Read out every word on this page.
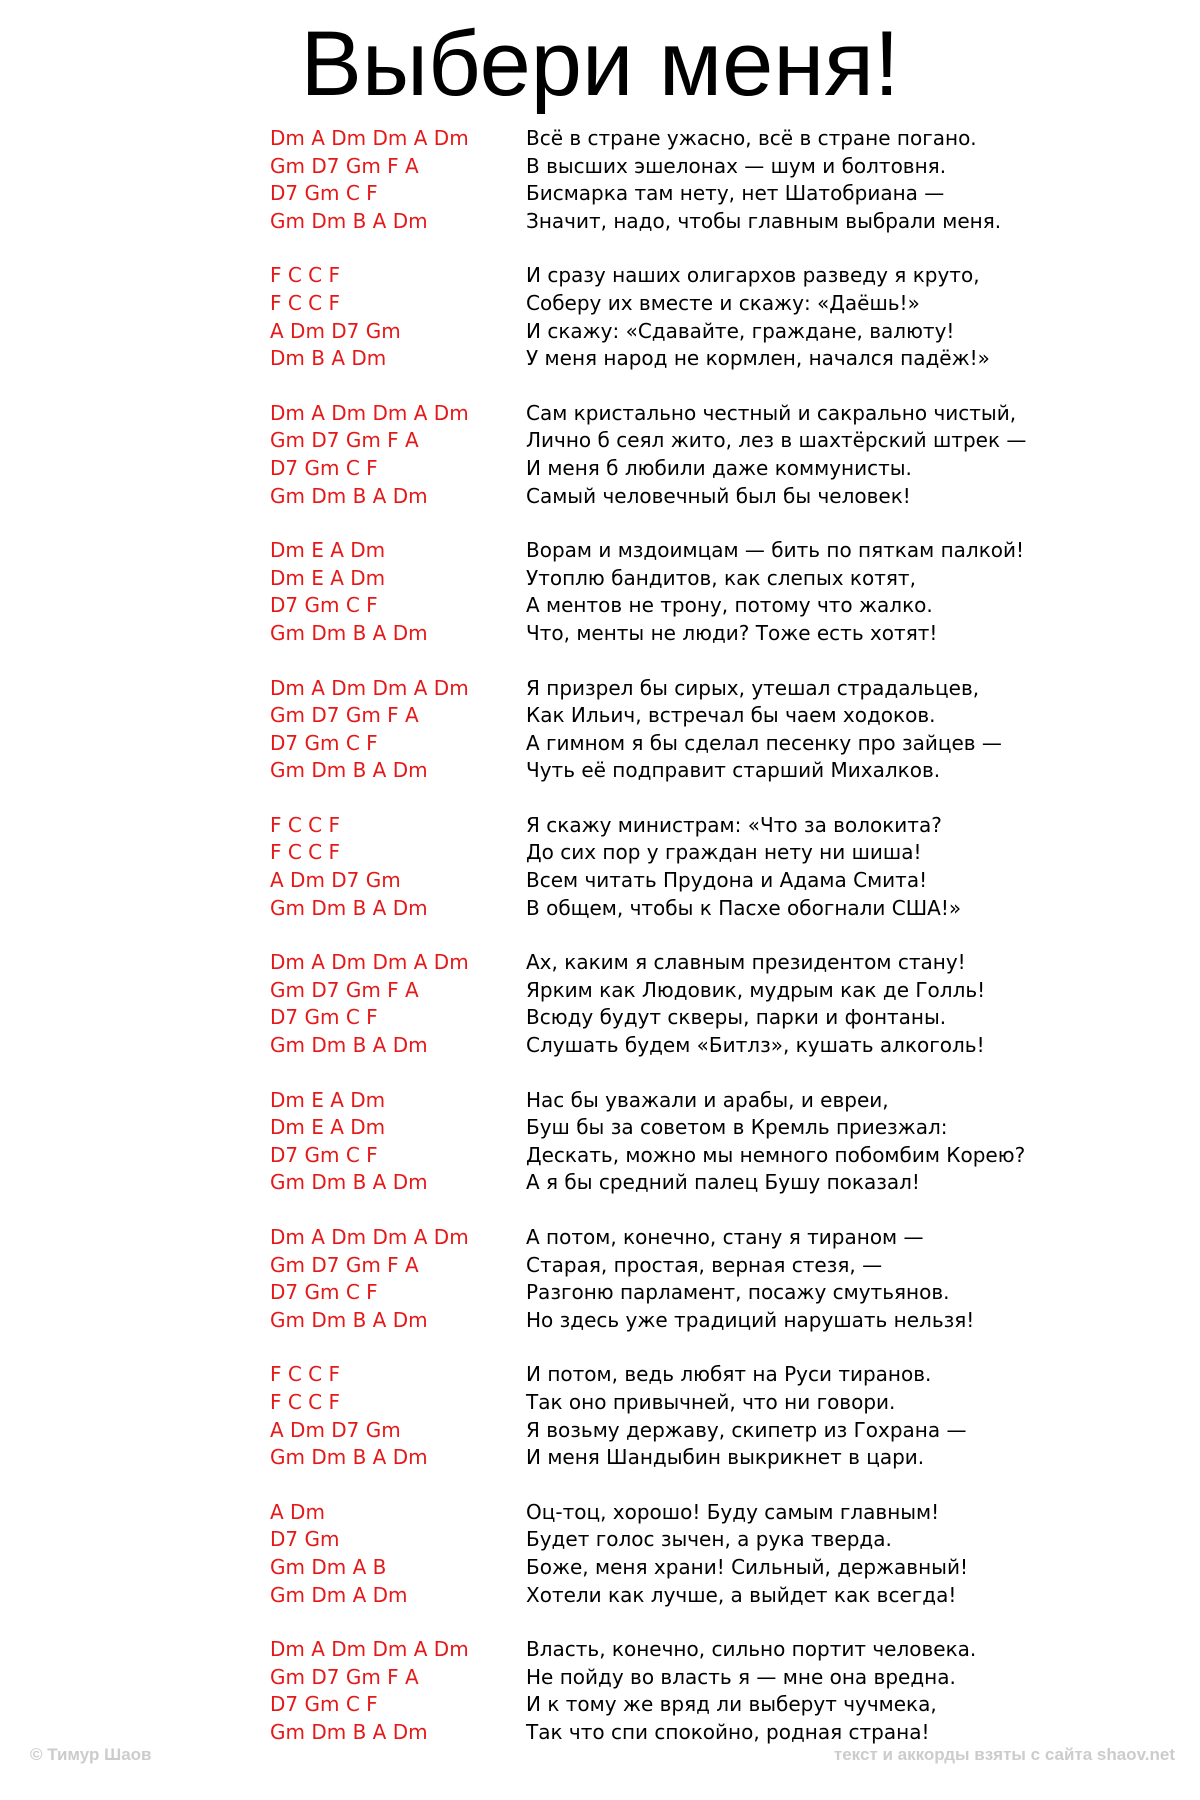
Выбери меня!
Dm A Dm Dm A Dm	Всё в стране ужасно, всё в стране погано.
Gm D7 Gm F A	В высших эшелонах — шум и болтовня.
D7 Gm C F	Бисмарка там нету, нет Шатобриана —
Gm Dm B A Dm	Значит, надо, чтобы главным выбрали меня.
F C C F	И сразу наших олигархов разведу я круто,
F C C F	Соберу их вместе и скажу: «Даёшь!»
A Dm D7 Gm	И скажу: «Сдавайте, граждане, валюту!
Dm B A Dm	У меня народ не кормлен, начался падёж!»
Dm A Dm Dm A Dm	Сам кристально честный и сакрально чистый,
Gm D7 Gm F A	Лично б сеял жито, лез в шахтёрский штрек —
D7 Gm C F	И меня б любили даже коммунисты.
Gm Dm B A Dm	Самый человечный был бы человек!
Dm E A Dm	Ворам и мздоимцам — бить по пяткам палкой!
Dm E A Dm	Утоплю бандитов, как слепых котят,
D7 Gm C F	А ментов не трону, потому что жалко.
Gm Dm B A Dm	Что, менты не люди? Тоже есть хотят!
Dm A Dm Dm A Dm	Я призрел бы сирых, утешал страдальцев,
Gm D7 Gm F A	Как Ильич, встречал бы чаем ходоков.
D7 Gm C F	А гимном я бы сделал песенку про зайцев —
Gm Dm B A Dm	Чуть её подправит старший Михалков.
F C C F	Я скажу министрам: «Что за волокита?
F C C F	До сих пор у граждан нету ни шиша!
A Dm D7 Gm	Всем читать Прудона и Адама Смита!
Gm Dm B A Dm	В общем, чтобы к Пасхе обогнали США!»
Dm A Dm Dm A Dm	Ах, каким я славным президентом стану!
Gm D7 Gm F A	Ярким как Людовик, мудрым как де Голль!
D7 Gm C F	Всюду будут скверы, парки и фонтаны.
Gm Dm B A Dm	Слушать будем «Битлз», кушать алкоголь!
Dm E A Dm	Нас бы уважали и арабы, и евреи,
Dm E A Dm	Буш бы за советом в Кремль приезжал:
D7 Gm C F	Дескать, можно мы немного побомбим Корею?
Gm Dm B A Dm	А я бы средний палец Бушу показал!
Dm A Dm Dm A Dm	А потом, конечно, стану я тираном —
Gm D7 Gm F A	Старая, простая, верная стезя, —
D7 Gm C F	Разгоню парламент, посажу смутьянов.
Gm Dm B A Dm	Но здесь уже традиций нарушать нельзя!
F C C F	И потом, ведь любят на Руси тиранов.
F C C F	Так оно привычней, что ни говори.
A Dm D7 Gm	Я возьму державу, скипетр из Гохрана —
Gm Dm B A Dm	И меня Шандыбин выкрикнет в цари.
A Dm	Оц-тоц, хорошо! Буду самым главным!
D7 Gm	Будет голос зычен, а рука тверда.
Gm Dm A B	Боже, меня храни! Сильный, державный!
Gm Dm A Dm	Хотели как лучше, а выйдет как всегда!
Dm A Dm Dm A Dm	Власть, конечно, сильно портит человека.
Gm D7 Gm F A	Не пойду во власть я — мне она вредна.
D7 Gm C F	И к тому же вряд ли выберут чучмека,
Gm Dm B A Dm	Так что спи спокойно, родная страна!
© Тимур Шаов	текст и аккорды взяты с сайта shaov.net
